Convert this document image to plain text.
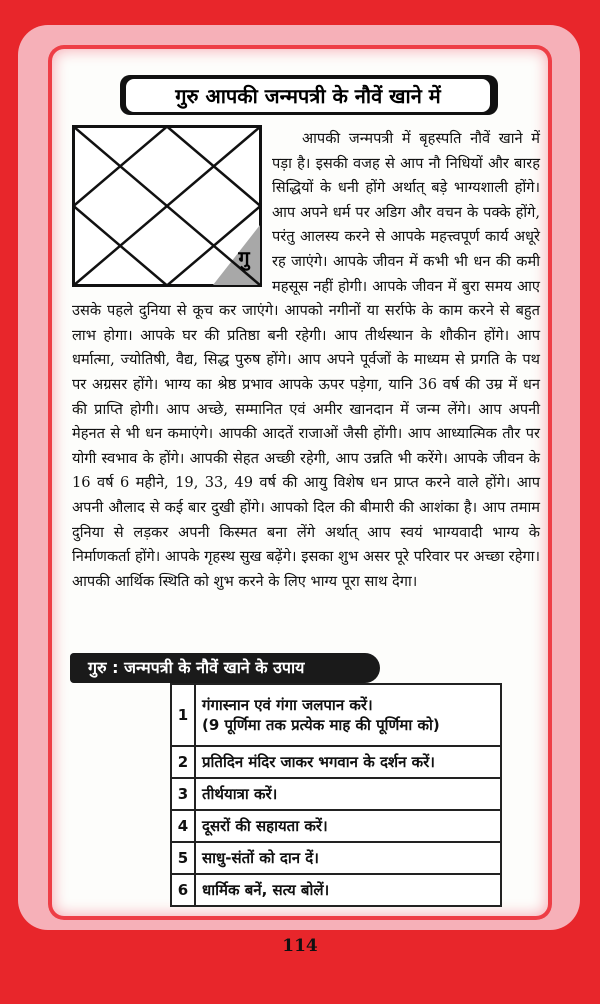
गुरु आपकी जन्मपत्री के नौवें खाने में
गु
आपकी जन्मपत्री में बृहस्पति नौवें खाने में पड़ा है। इसकी वजह से आप नौ निधियों और बारह सिद्धियों के धनी होंगे अर्थात् बड़े भाग्यशाली होंगे। आप अपने धर्म पर अडिग और वचन के पक्के होंगे, परंतु आलस्य करने से आपके महत्त्वपूर्ण कार्य अधूरे रह जाएंगे। आपके जीवन में कभी भी धन की कमी महसूस नहीं होगी। आपके जीवन में बुरा समय आए उसके पहले दुनिया से कूच कर जाएंगे। आपको नगीनों या सर्राफे के काम करने से बहुत लाभ होगा। आपके घर की प्रतिष्ठा बनी रहेगी। आप तीर्थस्थान के शौकीन होंगे। आप धर्मात्मा, ज्योतिषी, वैद्य, सिद्ध पुरुष होंगे। आप अपने पूर्वजों के माध्यम से प्रगति के पथ पर अग्रसर होंगे। भाग्य का श्रेष्ठ प्रभाव आपके ऊपर पड़ेगा, यानि 36 वर्ष की उम्र में धन की प्राप्ति होगी। आप अच्छे, सम्मानित एवं अमीर खानदान में जन्म लेंगे। आप अपनी मेहनत से भी धन कमाएंगे। आपकी आदतें राजाओं जैसी होंगी। आप आध्यात्मिक तौर पर योगी स्वभाव के होंगे। आपकी सेहत अच्छी रहेगी, आप उन्नति भी करेंगे। आपके जीवन के 16 वर्ष 6 महीने, 19, 33, 49 वर्ष की आयु विशेष धन प्राप्त करने वाले होंगे। आप अपनी औलाद से कई बार दुखी होंगे। आपको दिल की बीमारी की आशंका है। आप तमाम दुनिया से लड़कर अपनी किस्मत बना लेंगे अर्थात् आप स्वयं भाग्यवादी भाग्य के निर्माणकर्ता होंगे। आपके गृहस्थ सुख बढ़ेंगे। इसका शुभ असर पूरे परिवार पर अच्छा रहेगा। आपकी आर्थिक स्थिति को शुभ करने के लिए भाग्य पूरा साथ देगा।
गुरु : जन्मपत्री के नौवें खाने के उपाय
1	गंगास्नान एवं गंगा जलपान करें।
(9 पूर्णिमा तक प्रत्येक माह की पूर्णिमा को)

2	प्रतिदिन मंदिर जाकर भगवान के दर्शन करें।
3	तीर्थयात्रा करें।
4	दूसरों की सहायता करें।
5	साधु-संतों को दान दें।
6	धार्मिक बनें, सत्य बोलें।
114
